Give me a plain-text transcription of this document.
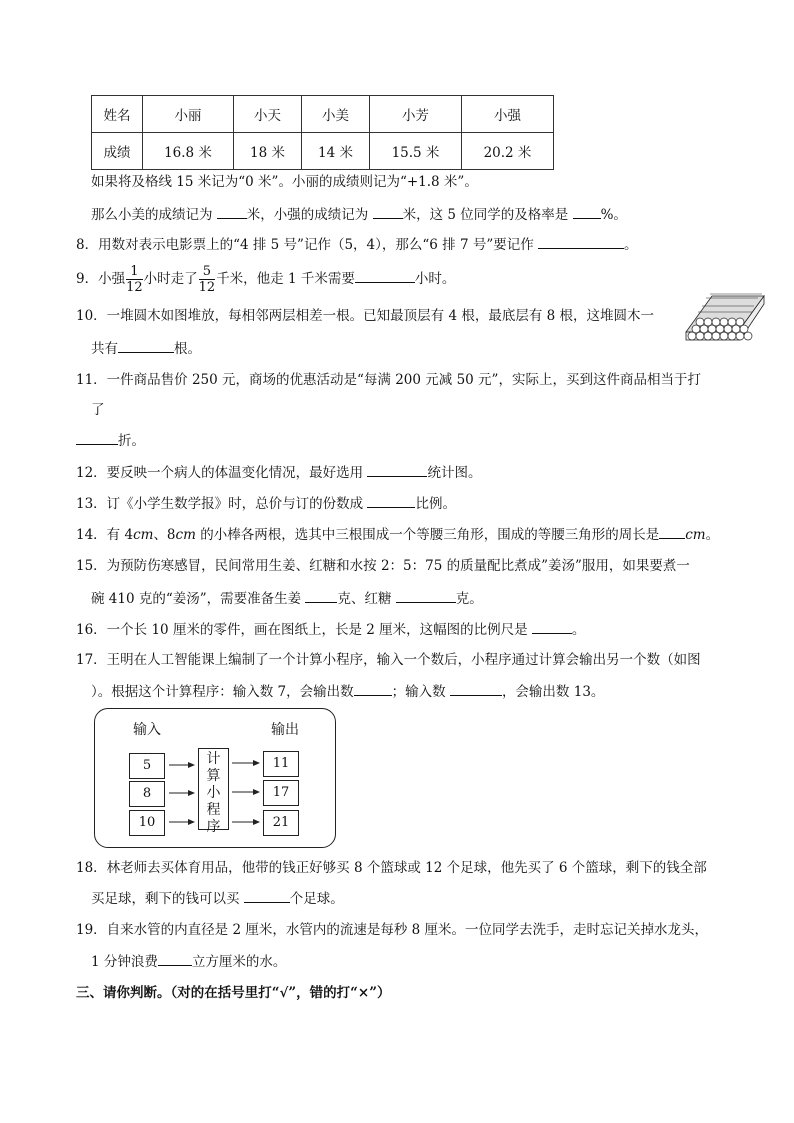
姓名	小丽	小天	小美	小芳	小强
成绩	16.8 米	18 米	14 米	15.5 米	20.2 米
如果将及格线 15 米记为“0 米”。小丽的成绩则记为“+1.8 米”。
那么小美的成绩记为 米，小强的成绩记为 米，这 5 位同学的及格率是 %。
8．用数对表示电影票上的“4 排 5 号”记作（5，4），那么“6 排 7 号”要记作	。
9．小强 $\frac{1}{12}$ 小时走了 $\frac{5}{12}$ 千米，他走 1 千米需要	小时。
10．一堆圆木如图堆放，每相邻两层相差一根。已知最顶层有 4 根，最底层有 8 根，这堆圆木一
共有	根。
11．一件商品售价 250 元，商场的优惠活动是“每满 200 元减 50 元”，实际上，买到这件商品相当于打
了
折。
12．要反映一个病人的体温变化情况，最好选用	统计图。
13．订《小学生数学报》时，总价与订的份数成	比例。
14．有 4cm、8cm 的小棒各两根，选其中三根围成一个等腰三角形，围成的等腰三角形的周长是 cm。
15．为预防伤寒感冒，民间常用生姜、红糖和水按 2：5：75 的质量配比煮成”姜汤”服用，如果要煮一
碗 410 克的“姜汤”，需要准备生姜 克、红糖	克。
16．一个长 10 厘米的零件，画在图纸上，长是 2 厘米，这幅图的比例尺是	。
17．王明在人工智能课上编制了一个计算小程序，输入一个数后，小程序通过计算会输出另一个数（如图
）。根据这个计算程序：输入数 7，会输出数	；输入数	，会输出数 13。
输入	输出
5
8
10
计
算
小
程
序
11
17
21
18．林老师去买体育用品，他带的钱正好够买 8 个篮球或 12 个足球，他先买了 6 个篮球，剩下的钱全部
买足球，剩下的钱可以买	个足球。
19．自来水管的内直径是 2 厘米，水管内的流速是每秒 8 厘米。一位同学去洗手，走时忘记关掉水龙头，
1 分钟浪费	立方厘米的水。
三、请你判断。（对的在括号里打“√”，错的打“×”）
